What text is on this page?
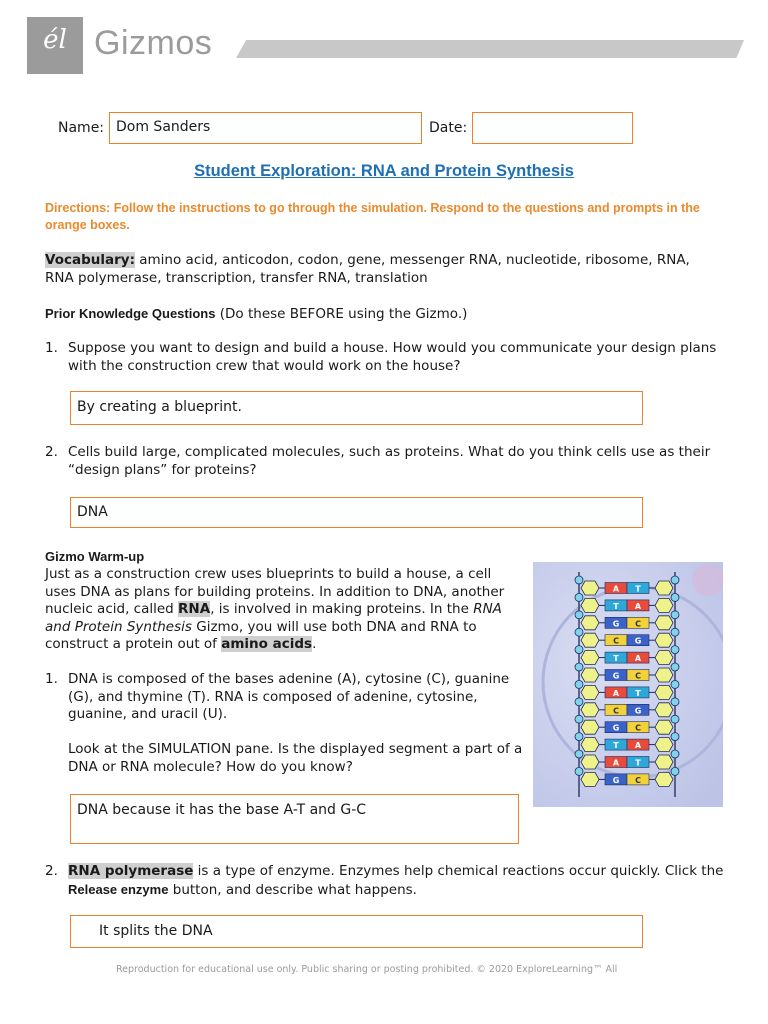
él Gizmos
Name: Dom Sanders	Date:
Student Exploration: RNA and Protein Synthesis
Directions: Follow the instructions to go through the simulation. Respond to the questions and prompts in the orange boxes.
Vocabulary: amino acid, anticodon, codon, gene, messenger RNA, nucleotide, ribosome, RNA, RNA polymerase, transcription, transfer RNA, translation
Prior Knowledge Questions (Do these BEFORE using the Gizmo.)
1. Suppose you want to design and build a house. How would you communicate your design plans with the construction crew that would work on the house?
By creating a blueprint.
2. Cells build large, complicated molecules, such as proteins. What do you think cells use as their “design plans” for proteins?
DNA
Gizmo Warm-up
Just as a construction crew uses blueprints to build a house, a cell uses DNA as plans for building proteins. In addition to DNA, another nucleic acid, called RNA, is involved in making proteins. In the RNA and Protein Synthesis Gizmo, you will use both DNA and RNA to construct a protein out of amino acids.
1. DNA is composed of the bases adenine (A), cytosine (C), guanine (G), and thymine (T). RNA is composed of adenine, cytosine, guanine, and uracil (U).
Look at the SIMULATION pane. Is the displayed segment a part of a DNA or RNA molecule? How do you know?
DNA because it has the base A-T and G-C
A T
T A
G C
C G
T A
G C
A T
C G
G C
T A
A T
G C
2. RNA polymerase is a type of enzyme. Enzymes help chemical reactions occur quickly. Click the Release enzyme button, and describe what happens.
It splits the DNA
Reproduction for educational use only. Public sharing or posting prohibited. © 2020 ExploreLearning™ All
